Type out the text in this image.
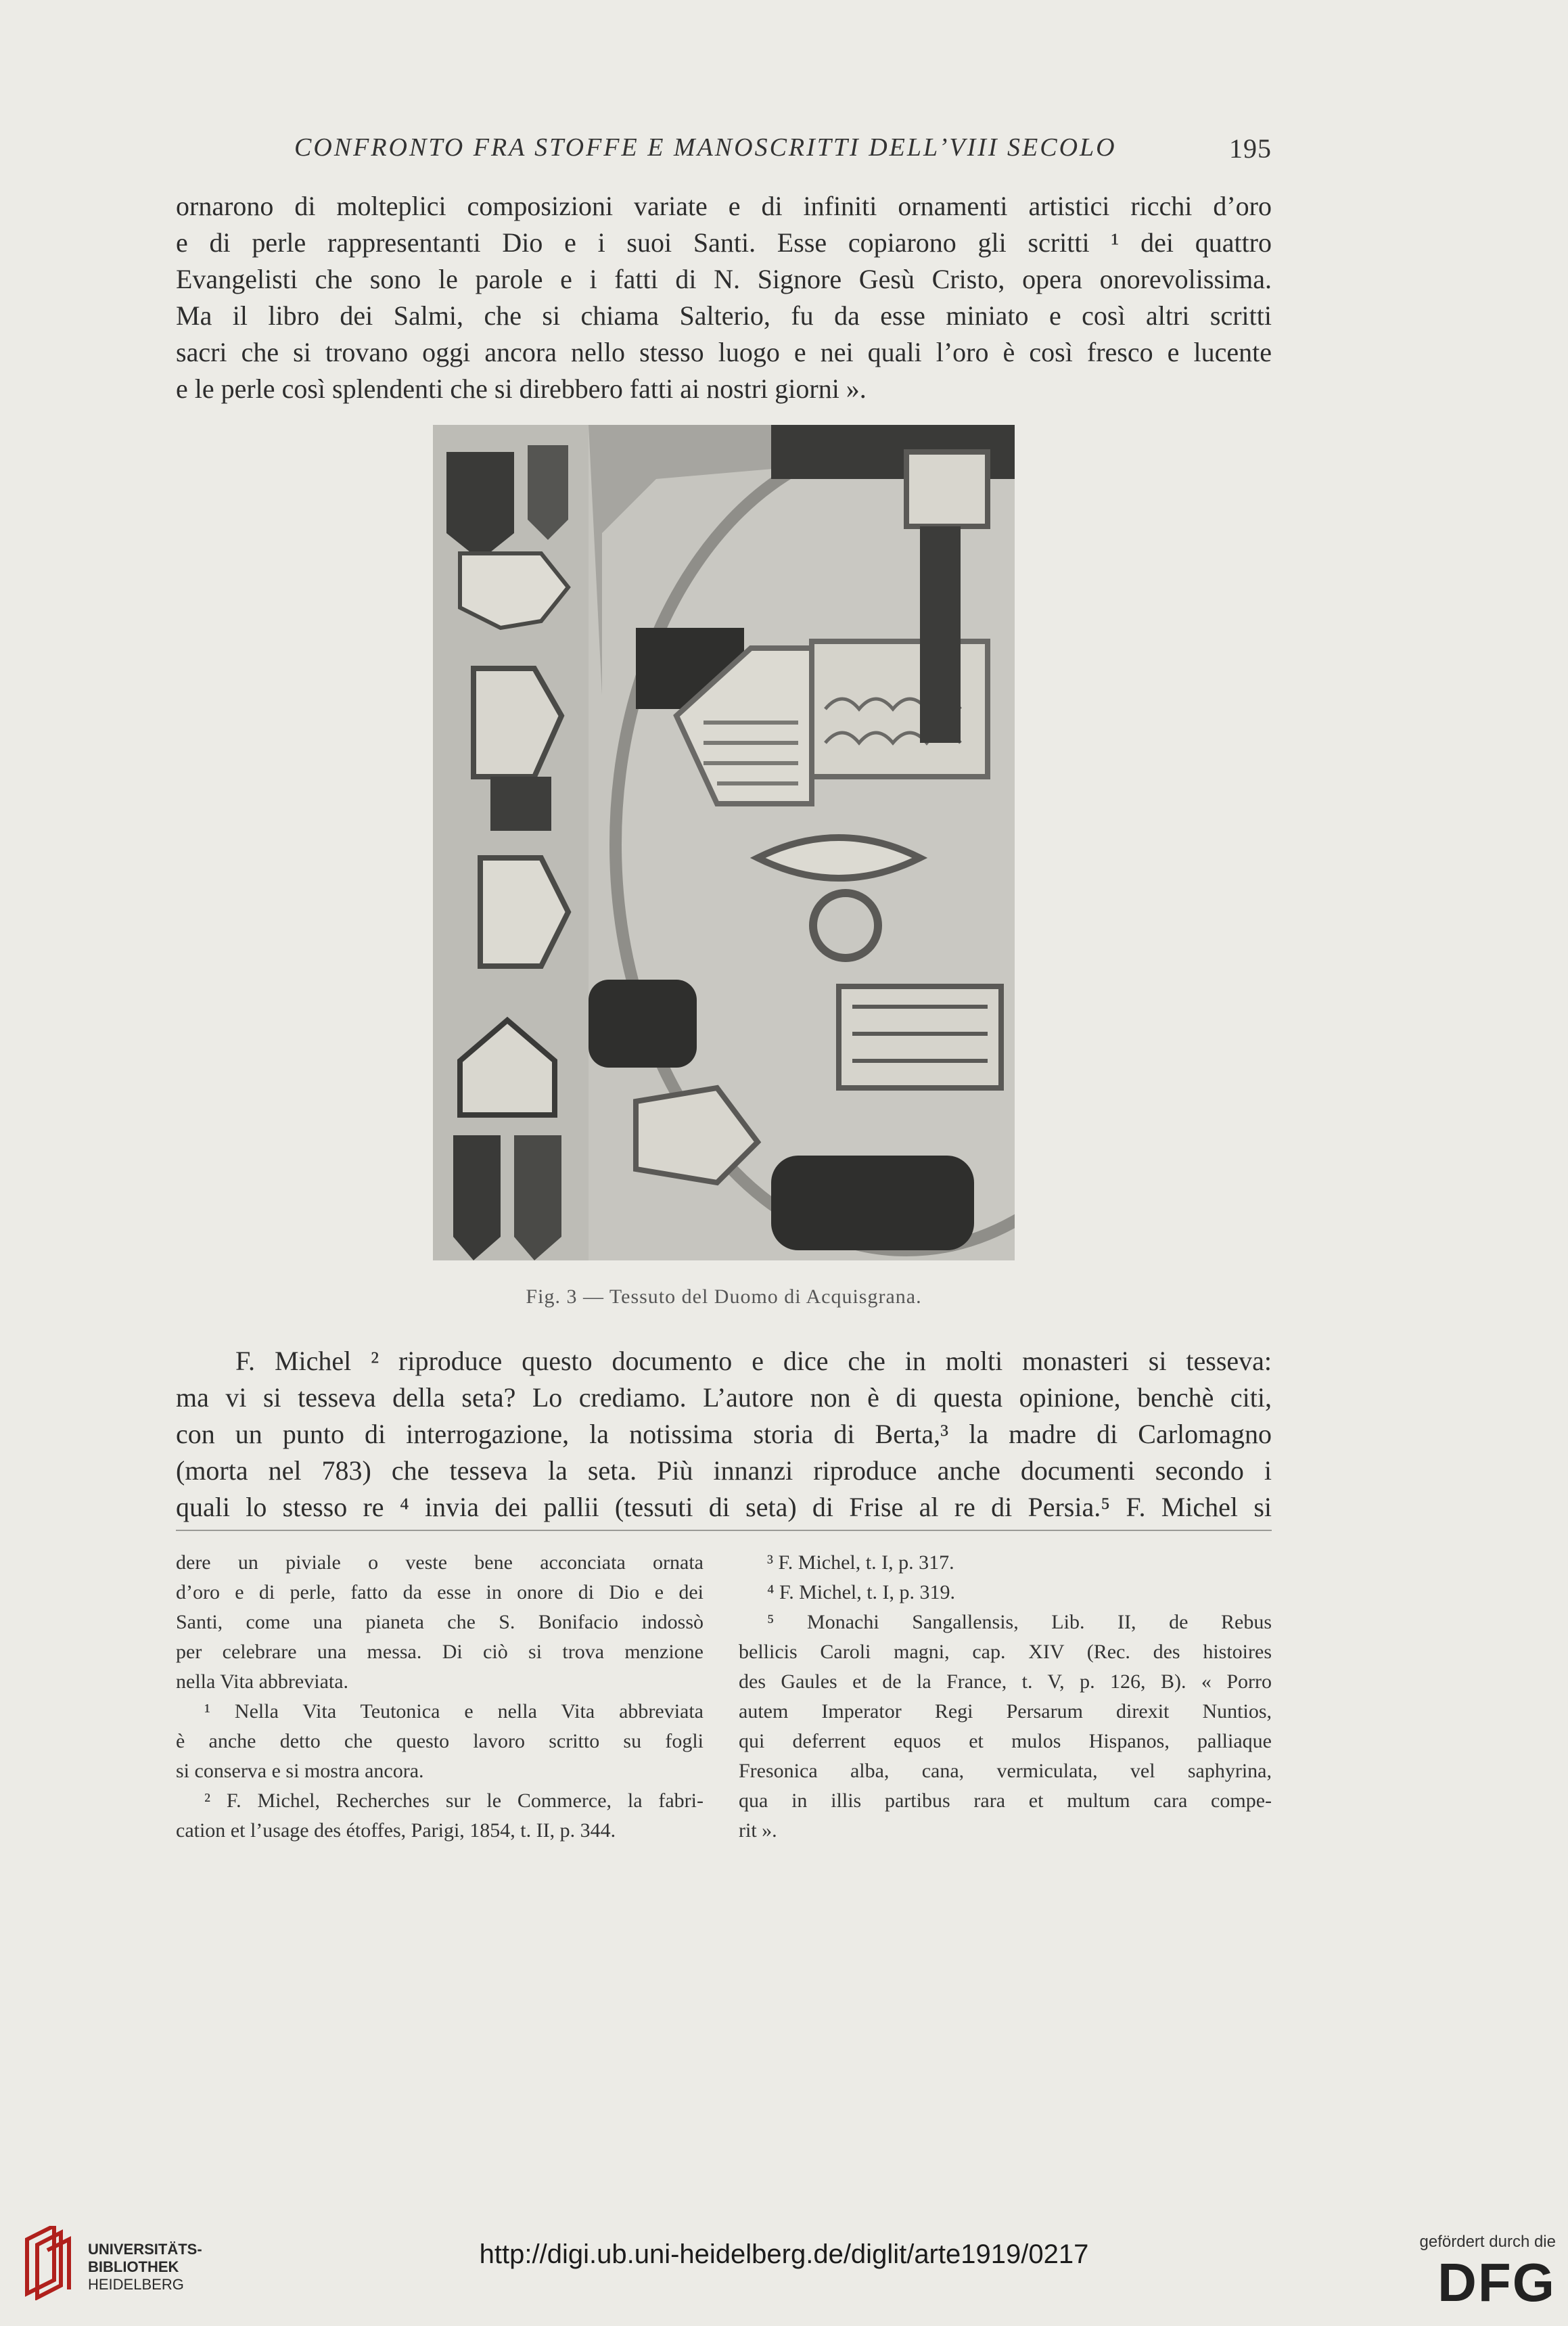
CONFRONTO FRA STOFFE E MANOSCRITTI DELL’VIII SECOLO	195
ornarono di molteplici composizioni variate e di infiniti ornamenti artistici ricchi d’oro
e di perle rappresentanti Dio e i suoi Santi. Esse copiarono gli scritti ¹ dei quattro
Evangelisti che sono le parole e i fatti di N. Signore Gesù Cristo, opera onorevolissima.
Ma il libro dei Salmi, che si chiama Salterio, fu da esse miniato e così altri scritti
sacri che si trovano oggi ancora nello stesso luogo e nei quali l’oro è così fresco e lucente
e le perle così splendenti che si direbbero fatti ai nostri giorni ».
Fig. 3 — Tessuto del Duomo di Acquisgrana.
F. Michel ² riproduce questo documento e dice che in molti monasteri si tesseva:
ma vi si tesseva della seta? Lo crediamo. L’autore non è di questa opinione, benchè citi,
con un punto di interrogazione, la notissima storia di Berta,³ la madre di Carlomagno
(morta nel 783) che tesseva la seta. Più innanzi riproduce anche documenti secondo i
quali lo stesso re ⁴ invia dei pallii (tessuti di seta) di Frise al re di Persia.⁵ F. Michel si
dere un piviale o veste bene acconciata ornata
d’oro e di perle, fatto da esse in onore di Dio e dei
Santi, come una pianeta che S. Bonifacio indossò
per celebrare una messa. Di ciò si trova menzione
nella Vita abbreviata.
¹ Nella Vita Teutonica e nella Vita abbreviata
è anche detto che questo lavoro scritto su fogli
si conserva e si mostra ancora.
² F. Michel, Recherches sur le Commerce, la fabri-
cation et l’usage des étoffes, Parigi, 1854, t. II, p. 344.
³ F. Michel, t. I, p. 317.
⁴ F. Michel, t. I, p. 319.
⁵ Monachi Sangallensis, Lib. II, de Rebus
bellicis Caroli magni, cap. XIV (Rec. des histoires
des Gaules et de la France, t. V, p. 126, B). « Porro
autem Imperator Regi Persarum direxit Nuntios,
qui deferrent equos et mulos Hispanos, palliaque
Fresonica alba, cana, vermiculata, vel saphyrina,
qua in illis partibus rara et multum cara compe-
rit ».
UNIVERSITÄTS-
BIBLIOTHEK
HEIDELBERG
http://digi.ub.uni-heidelberg.de/diglit/arte1919/0217	gefördert durch die
DFG
